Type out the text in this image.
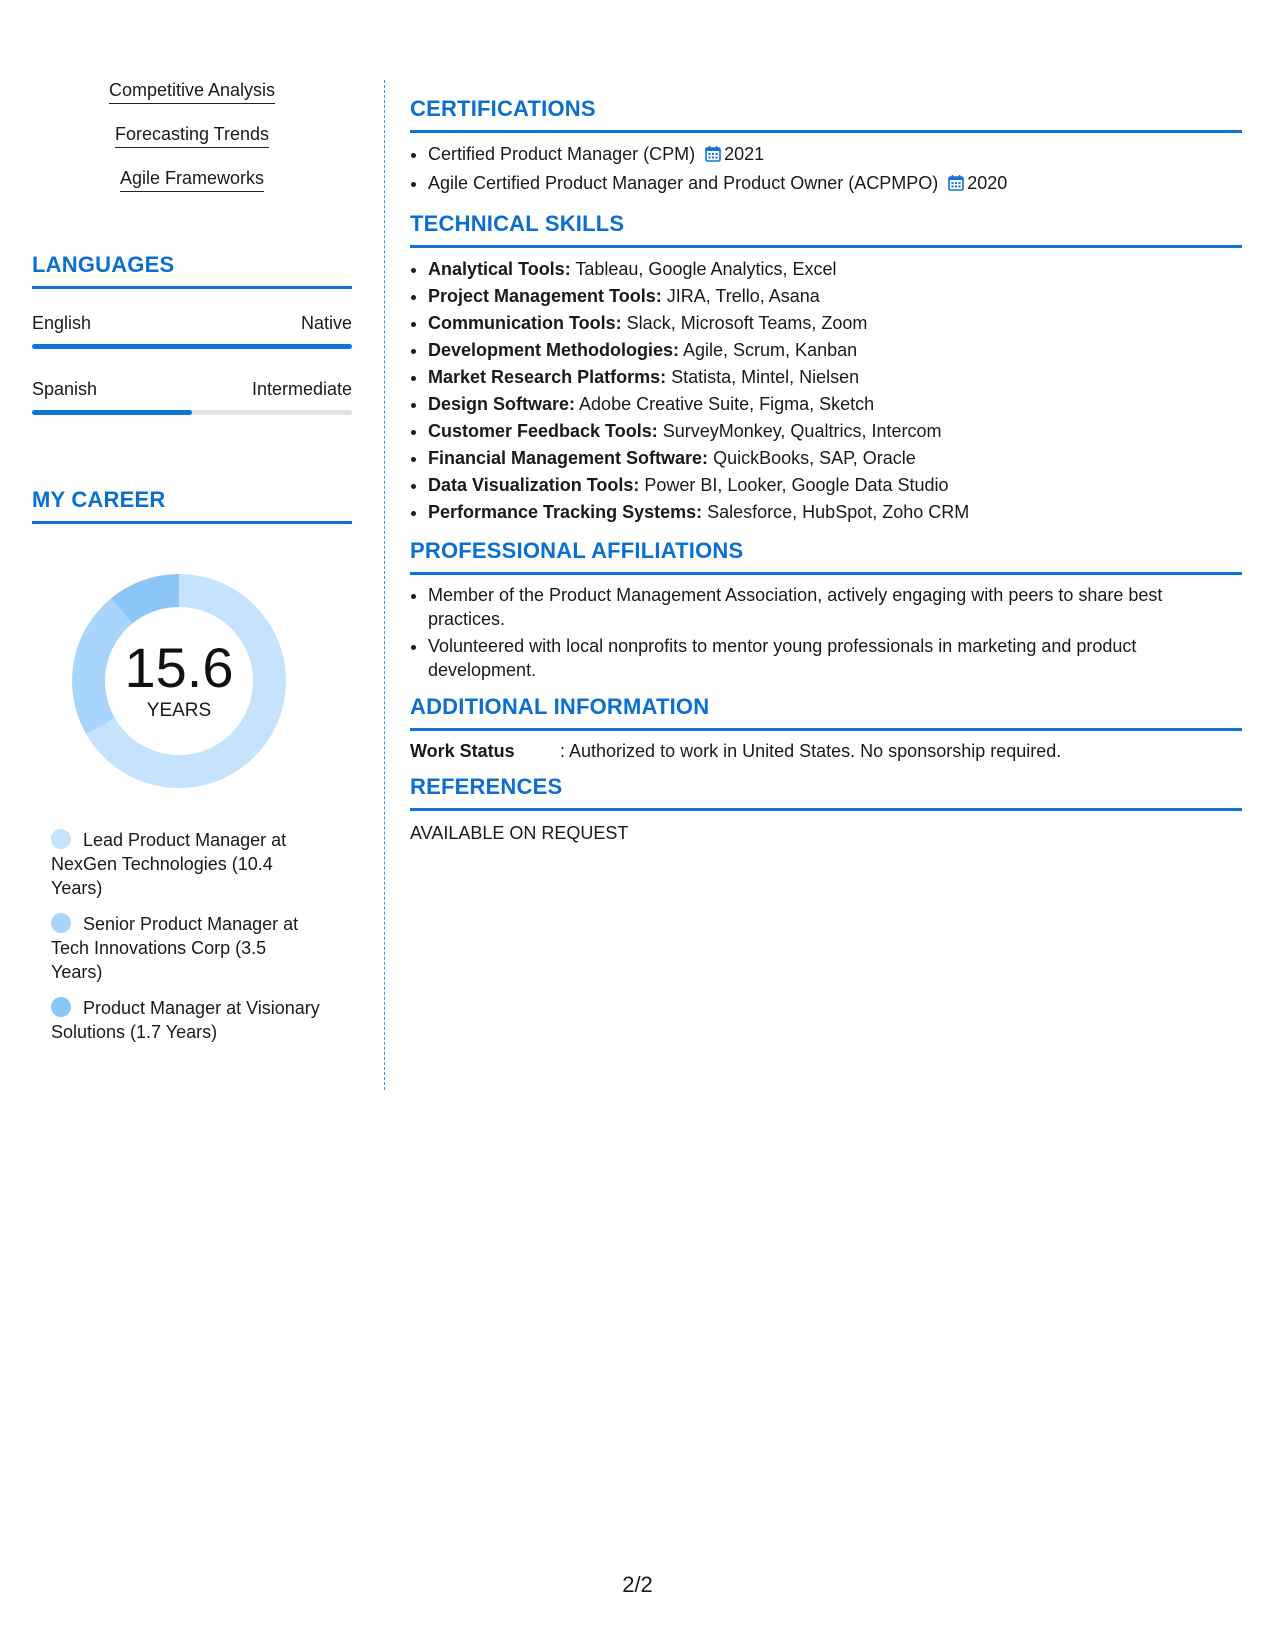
Competitive Analysis
Forecasting Trends
Agile Frameworks
LANGUAGES
English	Native
Spanish	Intermediate
MY CAREER
15.6
YEARS
Lead Product Manager at NexGen Technologies (10.4 Years)
Senior Product Manager at Tech Innovations Corp (3.5 Years)
Product Manager at Visionary Solutions (1.7 Years)
CERTIFICATIONS
• Certified Product Manager (CPM) 2021
• Agile Certified Product Manager and Product Owner (ACPMPO) 2020
TECHNICAL SKILLS
• Analytical Tools: Tableau, Google Analytics, Excel
• Project Management Tools: JIRA, Trello, Asana
• Communication Tools: Slack, Microsoft Teams, Zoom
• Development Methodologies: Agile, Scrum, Kanban
• Market Research Platforms: Statista, Mintel, Nielsen
• Design Software: Adobe Creative Suite, Figma, Sketch
• Customer Feedback Tools: SurveyMonkey, Qualtrics, Intercom
• Financial Management Software: QuickBooks, SAP, Oracle
• Data Visualization Tools: Power BI, Looker, Google Data Studio
• Performance Tracking Systems: Salesforce, HubSpot, Zoho CRM
PROFESSIONAL AFFILIATIONS
• Member of the Product Management Association, actively engaging with peers to share best practices.
• Volunteered with local nonprofits to mentor young professionals in marketing and product development.
ADDITIONAL INFORMATION
Work Status	: Authorized to work in United States. No sponsorship required.
REFERENCES
AVAILABLE ON REQUEST
2/2
